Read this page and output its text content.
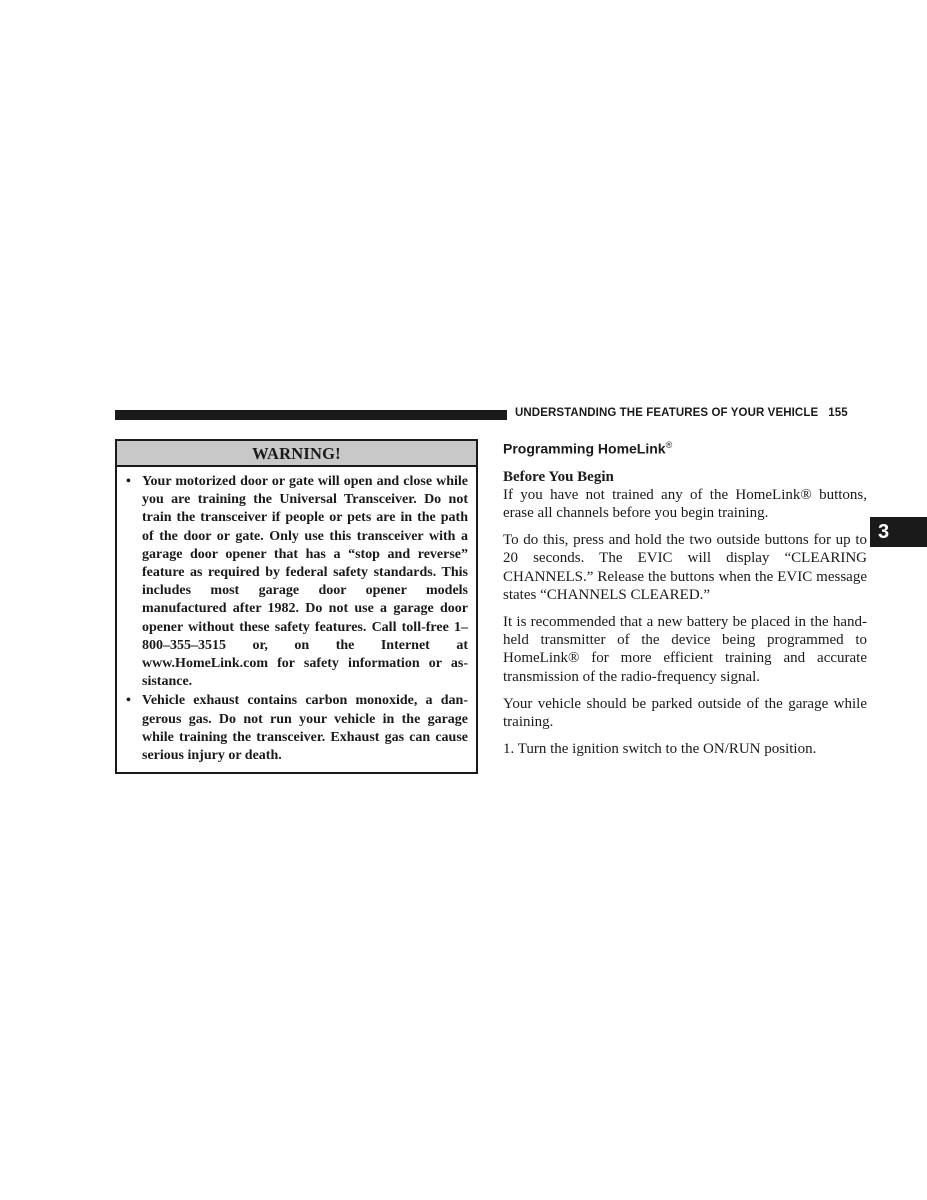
UNDERSTANDING THE FEATURES OF YOUR VEHICLE 155
3
WARNING!
• Your motorized door or gate will open and close while you are training the Universal Transceiver. Do not train the transceiver if people or pets are in the path of the door or gate. Only use this transceiver with a garage door opener that has a “stop and reverse” feature as required by federal safety standards. This includes most garage door opener models manufactured after 1982. Do not use a garage door opener without these safety features. Call toll-free 1–800–355–3515 or, on the Internet at www.HomeLink.com for safety information or assistance.
• Vehicle exhaust contains carbon monoxide, a dangerous gas. Do not run your vehicle in the garage while training the transceiver. Exhaust gas can cause serious injury or death.
Programming HomeLink®
Before You Begin

If you have not trained any of the HomeLink® buttons, erase all channels before you begin training.

To do this, press and hold the two outside buttons for up to 20 seconds. The EVIC will display “CLEARING CHANNELS.” Release the buttons when the EVIC message states “CHANNELS CLEARED.”

It is recommended that a new battery be placed in the hand-held transmitter of the device being programmed to HomeLink® for more efficient training and accurate transmission of the radio-frequency signal.

Your vehicle should be parked outside of the garage while training.

1. Turn the ignition switch to the ON/RUN position.
